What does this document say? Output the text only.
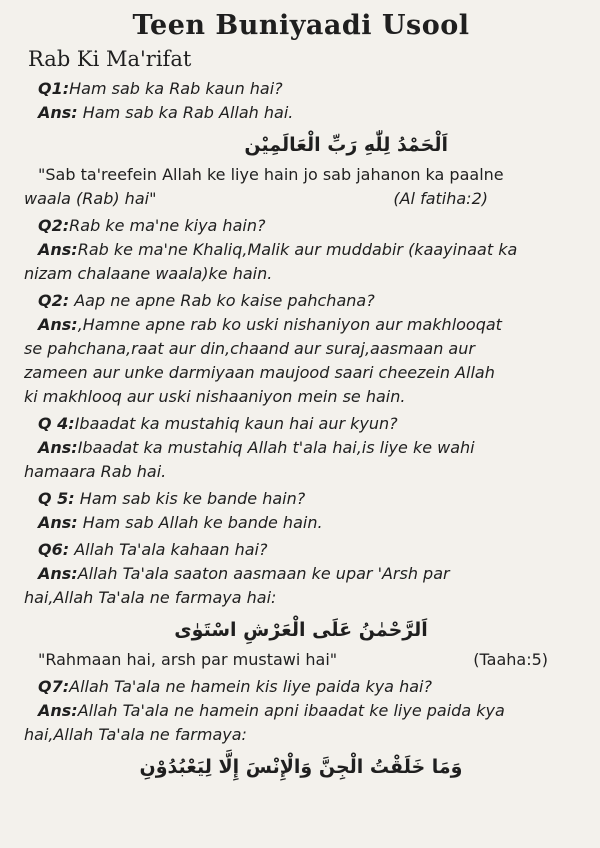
Teen Buniyaadi Usool
Rab Ki Ma'rifat
Q1:Ham sab ka Rab kaun hai?
Ans: Ham sab ka Rab Allah hai.
اَلْحَمْدُ لِلّٰهِ رَبِّ الْعَالَمِيْن
"Sab ta'reefein Allah ke liye hain jo sab jahanon ka paalne
waala (Rab) hai"	(Al fatiha:2)
Q2:Rab ke ma'ne kiya hain?
Ans:Rab ke ma'ne Khaliq,Malik aur muddabir (kaayinaat ka
nizam chalaane waala)ke hain.
Q2: Aap ne apne Rab ko kaise pahchana?
Ans:,Hamne apne rab ko uski nishaniyon aur makhlooqat
se pahchana,raat aur din,chaand aur suraj,aasmaan aur
zameen aur unke darmiyaan maujood saari cheezein Allah
ki makhlooq aur uski nishaaniyon mein se hain.
Q 4:Ibaadat ka mustahiq kaun hai aur kyun?
Ans:Ibaadat ka mustahiq Allah t'ala hai,is liye ke wahi
hamaara Rab hai.
Q 5: Ham sab kis ke bande hain?
Ans: Ham sab Allah ke bande hain.
Q6: Allah Ta'ala kahaan hai?
Ans:Allah Ta'ala saaton aasmaan ke upar 'Arsh par
hai,Allah Ta'ala ne farmaya hai:
اَلرَّحْمٰنُ عَلَى الْعَرْشِ اسْتَوٰى
"Rahmaan hai, arsh par mustawi hai"	(Taaha:5)
Q7:Allah Ta'ala ne hamein kis liye paida kya hai?
Ans:Allah Ta'ala ne hamein apni ibaadat ke liye paida kya
hai,Allah Ta'ala ne farmaya:
وَمَا خَلَقْتُ الْجِنَّ وَالْإِنْسَ إِلَّا لِيَعْبُدُوْنِ
